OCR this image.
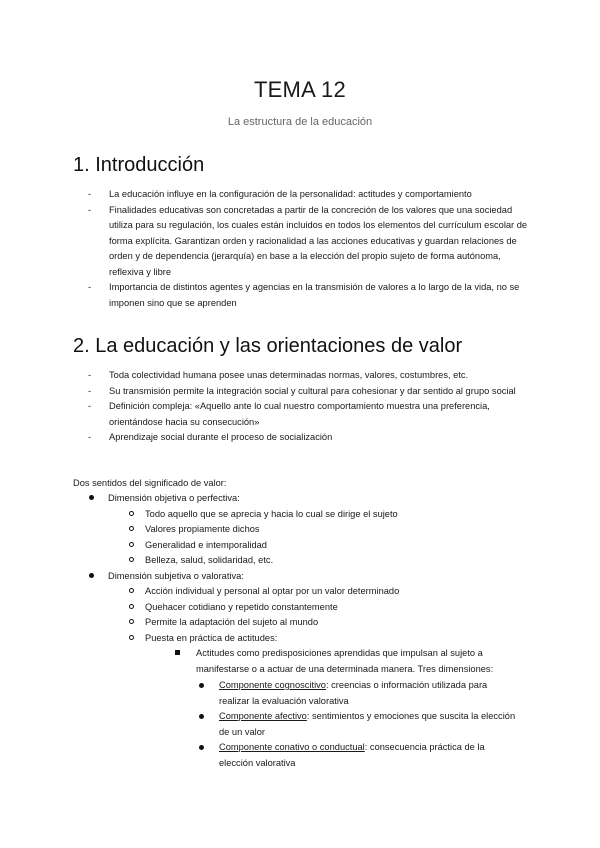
TEMA 12
La estructura de la educación
1. Introducción
- La educación influye en la configuración de la personalidad: actitudes y comportamiento
- Finalidades educativas son concretadas a partir de la concreción de los valores que una sociedad utiliza para su regulación, los cuales están incluidos en todos los elementos del currículum escolar de forma explícita. Garantizan orden y racionalidad a las acciones educativas y guardan relaciones de orden y de dependencia (jerarquía) en base a la elección del propio sujeto de forma autónoma, reflexiva y libre
- Importancia de distintos agentes y agencias en la transmisión de valores a lo largo de la vida, no se imponen sino que se aprenden
2. La educación y las orientaciones de valor
- Toda colectividad humana posee unas determinadas normas, valores, costumbres, etc.
- Su transmisión permite la integración social y cultural para cohesionar y dar sentido al grupo social
- Definición compleja: «Aquello ante lo cual nuestro comportamiento muestra una preferencia, orientándose hacia su consecución»
- Aprendizaje social durante el proceso de socialización
Dos sentidos del significado de valor:
Dimensión objetiva o perfectiva:
Todo aquello que se aprecia y hacia lo cual se dirige el sujeto
Valores propiamente dichos
Generalidad e intemporalidad
Belleza, salud, solidaridad, etc.
Dimensión subjetiva o valorativa:
Acción individual y personal al optar por un valor determinado
Quehacer cotidiano y repetido constantemente
Permite la adaptación del sujeto al mundo
Puesta en práctica de actitudes:
Actitudes como predisposiciones aprendidas que impulsan al sujeto a manifestarse o a actuar de una determinada manera. Tres dimensiones:
Componente cognoscitivo: creencias o información utilizada para realizar la evaluación valorativa
Componente afectivo: sentimientos y emociones que suscita la elección de un valor
Componente conativo o conductual: consecuencia práctica de la elección valorativa
